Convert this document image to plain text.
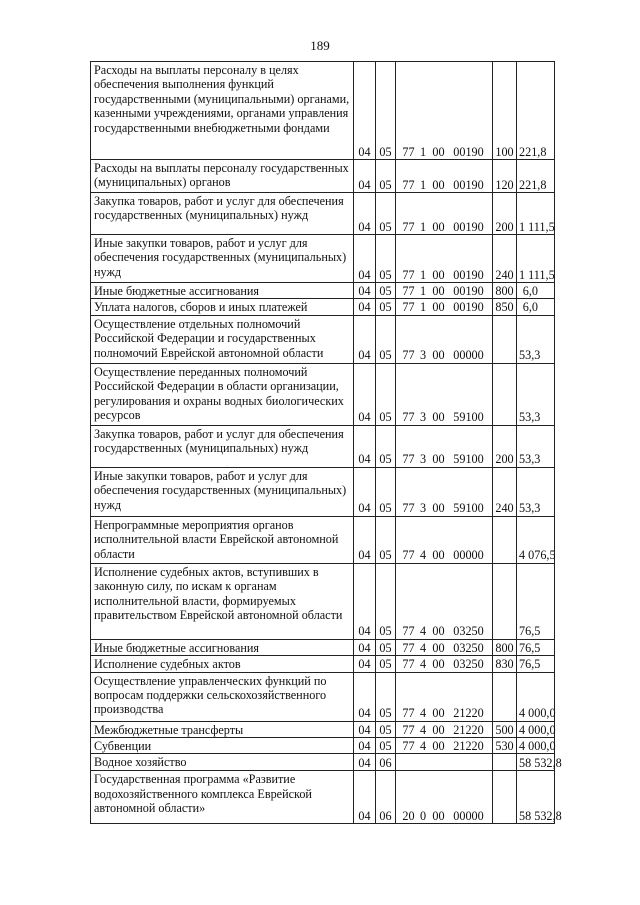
189
Расходы на выплаты персоналу в целях обеспечения выполнения функций государственными (муниципальными) органами, казенными учреждениями, органами управления государственными внебюджетными фондами	04	05	77 1 00 00190	100	221,8
Расходы на выплаты персоналу государственных (муниципальных) органов	04	05	77 1 00 00190	120	221,8
Закупка товаров, работ и услуг для обеспечения государственных (муниципальных) нужд	04	05	77 1 00 00190	200	1 111,5
Иные закупки товаров, работ и услуг для обеспечения государственных (муниципальных) нужд	04	05	77 1 00 00190	240	1 111,5
Иные бюджетные ассигнования	04	05	77 1 00 00190	800	6,0
Уплата налогов, сборов и иных платежей	04	05	77 1 00 00190	850	6,0
Осуществление отдельных полномочий Российской Федерации и государственных полномочий Еврейской автономной области	04	05	77 3 00 00000		53,3
Осуществление переданных полномочий Российской Федерации в области организации, регулирования и охраны водных биологических ресурсов	04	05	77 3 00 59100		53,3
Закупка товаров, работ и услуг для обеспечения государственных (муниципальных) нужд	04	05	77 3 00 59100	200	53,3
Иные закупки товаров, работ и услуг для обеспечения государственных (муниципальных) нужд	04	05	77 3 00 59100	240	53,3
Непрограммные мероприятия органов исполнительной власти Еврейской автономной области	04	05	77 4 00 00000		4 076,5
Исполнение судебных актов, вступивших в законную силу, по искам к органам исполнительной власти, формируемых правительством Еврейской автономной области	04	05	77 4 00 03250		76,5
Иные бюджетные ассигнования	04	05	77 4 00 03250	800	76,5
Исполнение судебных актов	04	05	77 4 00 03250	830	76,5
Осуществление управленческих функций по вопросам поддержки сельскохозяйственного производства	04	05	77 4 00 21220		4 000,0
Межбюджетные трансферты	04	05	77 4 00 21220	500	4 000,0
Субвенции	04	05	77 4 00 21220	530	4 000,0
Водное хозяйство	04	06			58 532,8
Государственная программа «Развитие водохозяйственного комплекса Еврейской автономной области»	04	06	20 0 00 00000		58 532,8
